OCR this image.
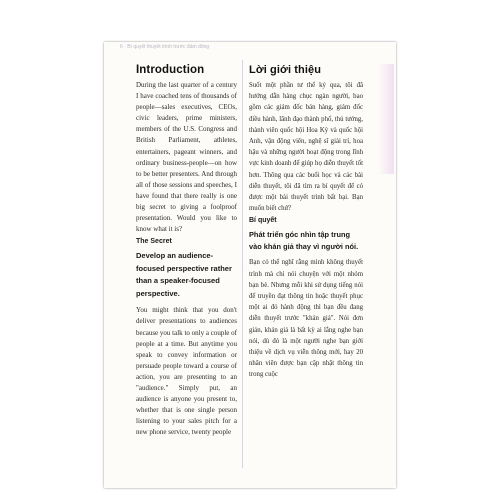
6 · Bí quyết thuyết trình trước đám đông
Introduction

During the last quarter of a century I have coached tens of thousands of people—sales executives, CEOs, civic leaders, prime ministers, members of the U.S. Congress and British Parliament, athletes, entertainers, pageant winners, and ordinary business-people—on how to be better presenters. And through all of those sessions and speeches, I have found that there really is one big secret to giving a foolproof presentation. Would you like to know what it is?

The Secret

Develop an audience-focused perspective rather than a speaker-focused perspective.

You might think that you don't deliver presentations to audiences because you talk to only a couple of people at a time. But anytime you speak to convey information or persuade people toward a course of action, you are presenting to an "audience." Simply put, an audience is anyone you present to, whether that is one single person listening to your sales pitch for a new phone service, twenty people

Lời giới thiệu

Suốt một phần tư thế kỷ qua, tôi đã hướng dẫn hàng chục ngàn người, bao gồm các giám đốc bán hàng, giám đốc điều hành, lãnh đạo thành phố, thủ tướng, thành viên quốc hội Hoa Kỳ và quốc hội Anh, vận động viên, nghệ sĩ giải trí, hoa hậu và những người hoạt động trong lĩnh vực kinh doanh để giúp họ diễn thuyết tốt hơn. Thông qua các buổi học và các bài diễn thuyết, tôi đã tìm ra bí quyết để có được một bài thuyết trình bất bại. Bạn muốn biết chứ?

Bí quyết

Phát triển góc nhìn tập trung vào khán giả thay vì người nói.

Bạn có thể nghĩ rằng mình không thuyết trình mà chỉ nói chuyện với một nhóm bạn bè. Nhưng mỗi khi sử dụng tiếng nói để truyền đạt thông tin hoặc thuyết phục một ai đó hành động thì bạn đều đang diễn thuyết trước "khán giả". Nói đơn giản, khán giả là bất kỳ ai lắng nghe bạn nói, dù đó là một người nghe bạn giới thiệu về dịch vụ viễn thông mới, hay 20 nhân viên được bạn cập nhật thông tin trong cuộc
